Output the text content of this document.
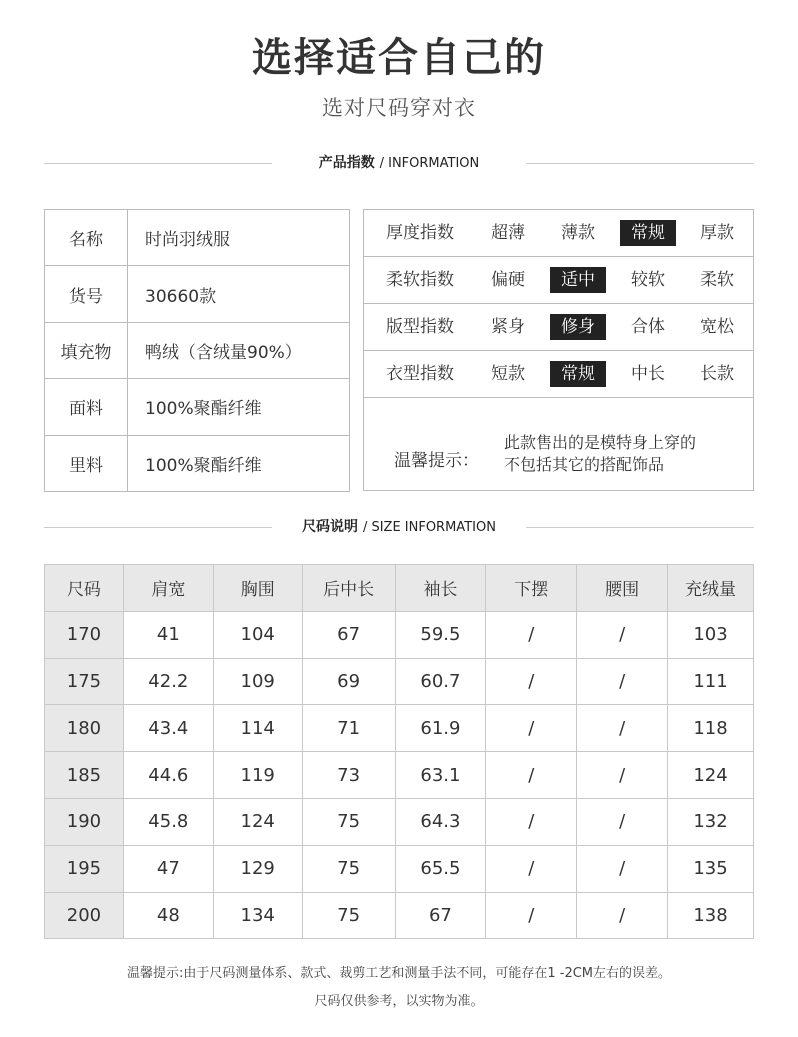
选择适合自己的
选对尺码穿对衣
产品指数 / INFORMATION
名称	时尚羽绒服
货号	30660款
填充物	鸭绒（含绒量90%）
面料	100%聚酯纤维
里料	100%聚酯纤维
厚度指数	超薄	薄款	常规	厚款
柔软指数	偏硬	适中	较软	柔软
版型指数	紧身	修身	合体	宽松
衣型指数	短款	常规	中长	长款
温馨提示：
此款售出的是模特身上穿的
不包括其它的搭配饰品
尺码说明 / SIZE INFORMATION
尺码	肩宽	胸围	后中长	袖长	下摆	腰围	充绒量
170	41	104	67	59.5	/	/	103
175	42.2	109	69	60.7	/	/	111
180	43.4	114	71	61.9	/	/	118
185	44.6	119	73	63.1	/	/	124
190	45.8	124	75	64.3	/	/	132
195	47	129	75	65.5	/	/	135
200	48	134	75	67	/	/	138
温馨提示:由于尺码测量体系、款式、裁剪工艺和测量手法不同，可能存在1 -2CM左右的误差。
尺码仅供参考，以实物为准。
